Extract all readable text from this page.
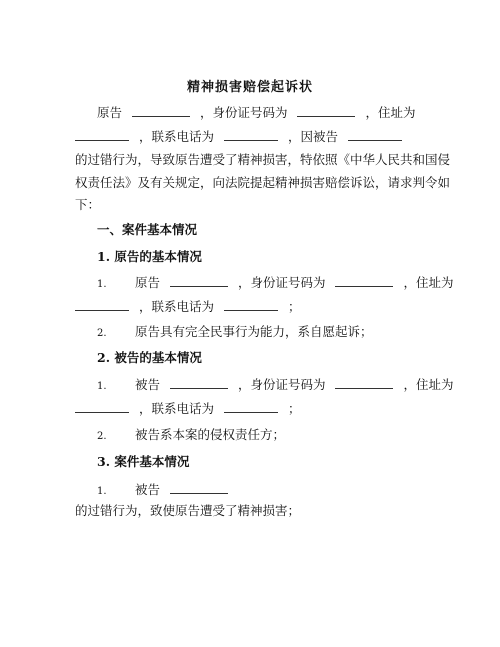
精神损害赔偿起诉状
原告	，身份证号码为	，住址为
，联系电话为	，因被告
的过错行为，导致原告遭受了精神损害，特依照《中华人民共和国侵
权责任法》及有关规定，向法院提起精神损害赔偿诉讼，请求判令如
下：
一、案件基本情况
1. 原告的基本情况
1. 原告	，身份证号码为	，住址为
，联系电话为	；
2. 原告具有完全民事行为能力，系自愿起诉；
2. 被告的基本情况
1. 被告	，身份证号码为	，住址为
，联系电话为	；
2. 被告系本案的侵权责任方；
3. 案件基本情况
1. 被告
的过错行为，致使原告遭受了精神损害；
